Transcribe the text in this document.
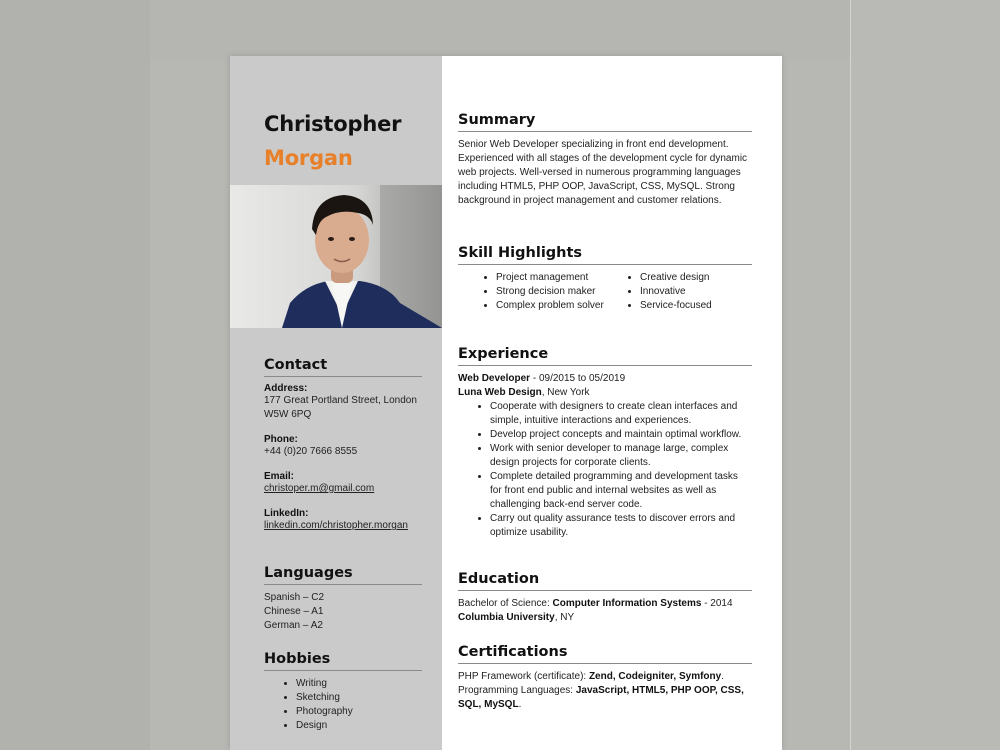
Christopher
Morgan
Contact
Address:
177 Great Portland Street, London
W5W 6PQ
Phone:
+44 (0)20 7666 8555
Email:
christoper.m@gmail.com
LinkedIn:
linkedin.com/christopher.morgan
Languages
Spanish – C2
Chinese – A1
German – A2
Hobbies
• Writing
• Sketching
• Photography
• Design
Summary

Senior Web Developer specializing in front end development. Experienced with all stages of the development cycle for dynamic web projects. Well-versed in numerous programming languages including HTML5, PHP OOP, JavaScript, CSS, MySQL. Strong background in project management and customer relations.

Skill Highlights
• Project management
• Strong decision maker
• Complex problem solver
• Creative design
• Innovative
• Service-focused
Experience
Web Developer - 09/2015 to 05/2019
Luna Web Design, New York
• Cooperate with designers to create clean interfaces and simple, intuitive interactions and experiences.
• Develop project concepts and maintain optimal workflow.
• Work with senior developer to manage large, complex design projects for corporate clients.
• Complete detailed programming and development tasks for front end public and internal websites as well as challenging back-end server code.
• Carry out quality assurance tests to discover errors and optimize usability.
Education
Bachelor of Science: Computer Information Systems - 2014
Columbia University, NY
Certifications
PHP Framework (certificate): Zend, Codeigniter, Symfony.
Programming Languages: JavaScript, HTML5, PHP OOP, CSS, SQL, MySQL.
